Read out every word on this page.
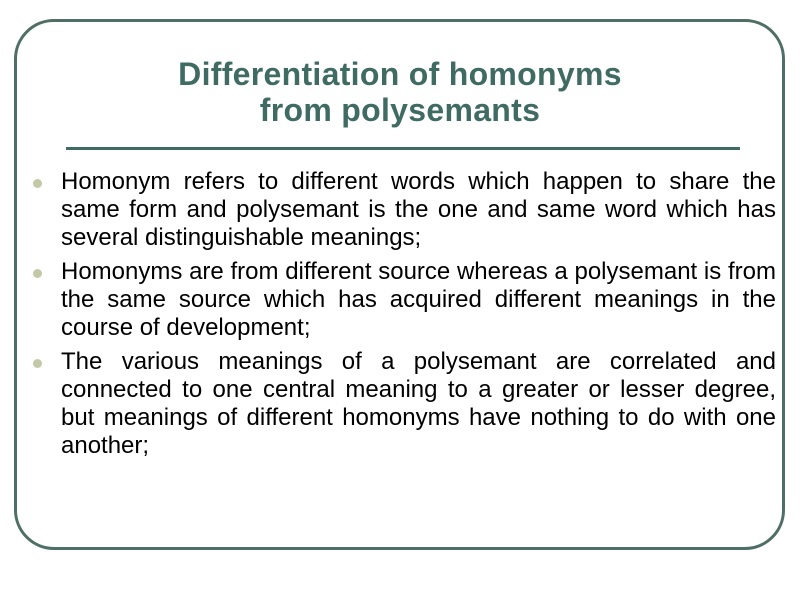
Differentiation of homonyms
from polysemants
Homonym refers to different words which happen to share the same form and polysemant is the one and same word which has several distinguishable meanings;
Homonyms are from different source whereas a polysemant is from the same source which has acquired different meanings in the course of development;
The various meanings of a polysemant are correlated and connected to one central meaning to a greater or lesser degree, but meanings of different homonyms have nothing to do with one another;
